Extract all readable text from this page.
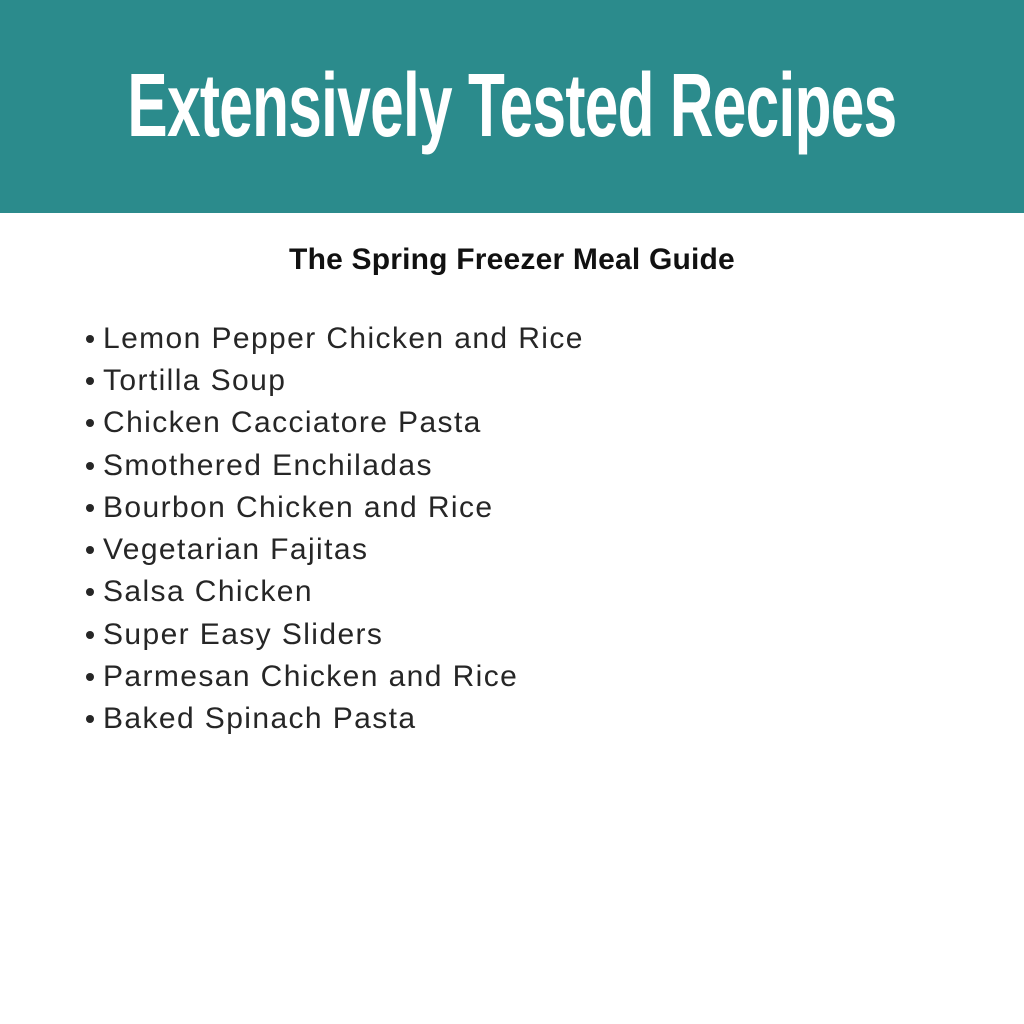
Extensively Tested Recipes
The Spring Freezer Meal Guide
Lemon Pepper Chicken and Rice
Tortilla Soup
Chicken Cacciatore Pasta
Smothered Enchiladas
Bourbon Chicken and Rice
Vegetarian Fajitas
Salsa Chicken
Super Easy Sliders
Parmesan Chicken and Rice
Baked Spinach Pasta
